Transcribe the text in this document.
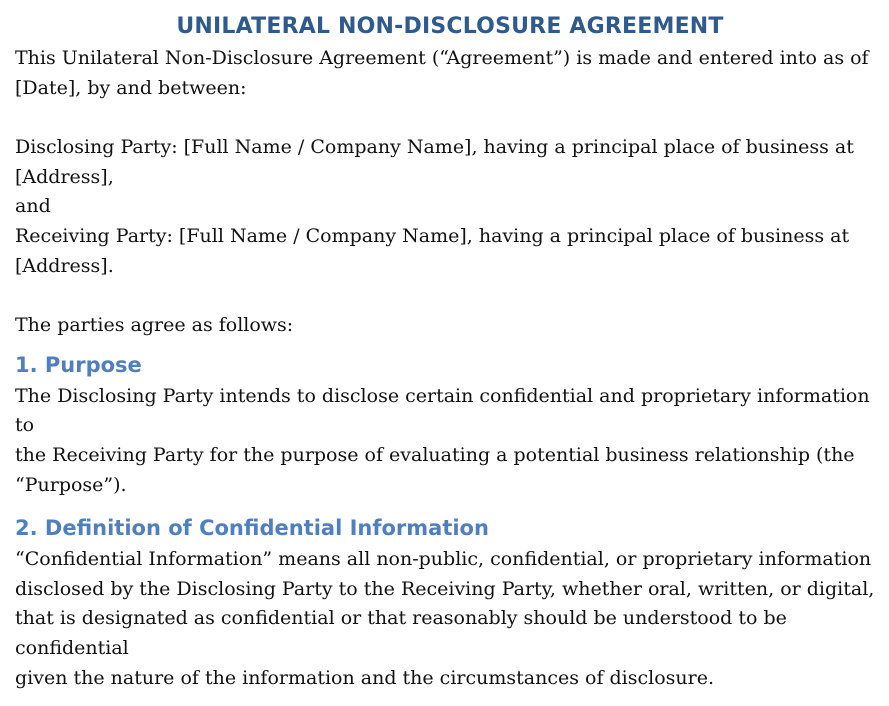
UNILATERAL NON-DISCLOSURE AGREEMENT

This Unilateral Non-Disclosure Agreement (“Agreement”) is made and entered into as of

[Date], by and between:

Disclosing Party: [Full Name / Company Name], having a principal place of business at

[Address],

and

Receiving Party: [Full Name / Company Name], having a principal place of business at

[Address].

The parties agree as follows:

1. Purpose

The Disclosing Party intends to disclose certain confidential and proprietary information to

the Receiving Party for the purpose of evaluating a potential business relationship (the

“Purpose”).

2. Definition of Confidential Information

“Confidential Information” means all non-public, confidential, or proprietary information

disclosed by the Disclosing Party to the Receiving Party, whether oral, written, or digital,

that is designated as confidential or that reasonably should be understood to be confidential

given the nature of the information and the circumstances of disclosure.
